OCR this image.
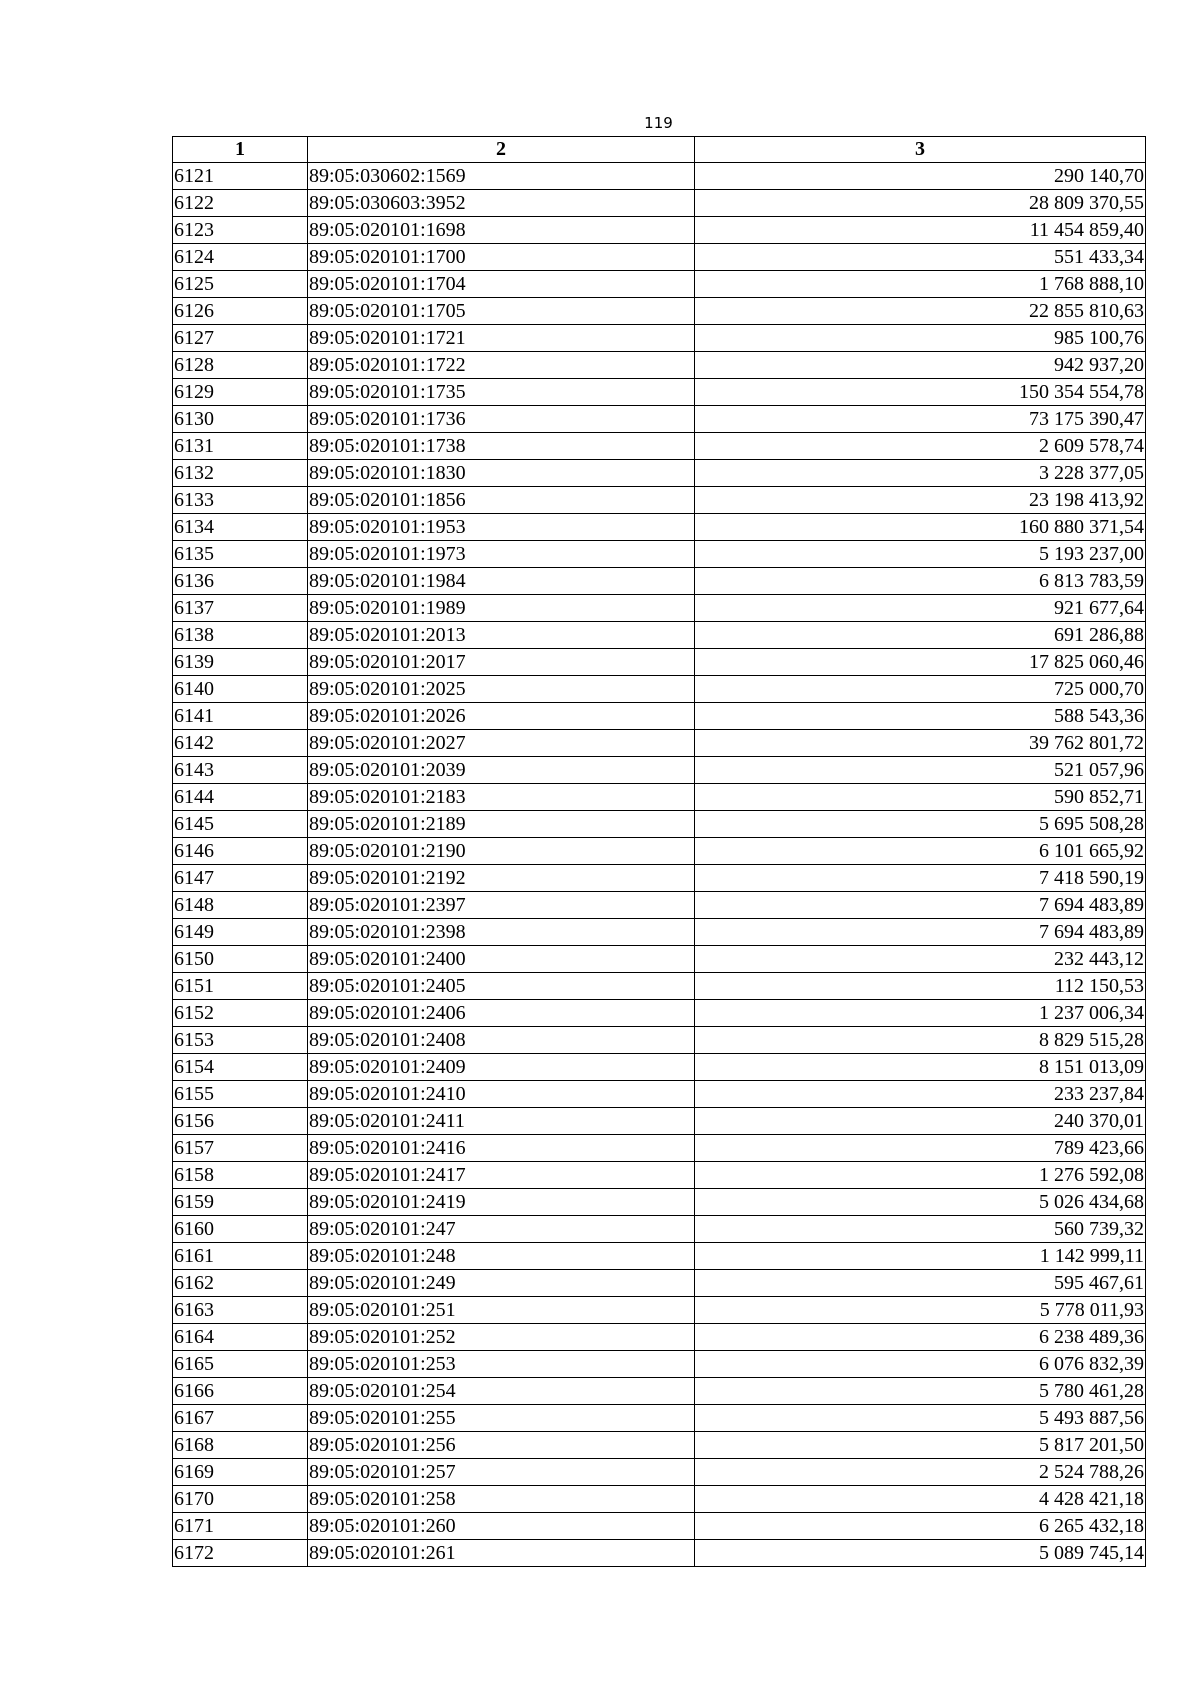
119
1	2	3
6121	89:05:030602:1569	290 140,70
6122	89:05:030603:3952	28 809 370,55
6123	89:05:020101:1698	11 454 859,40
6124	89:05:020101:1700	551 433,34
6125	89:05:020101:1704	1 768 888,10
6126	89:05:020101:1705	22 855 810,63
6127	89:05:020101:1721	985 100,76
6128	89:05:020101:1722	942 937,20
6129	89:05:020101:1735	150 354 554,78
6130	89:05:020101:1736	73 175 390,47
6131	89:05:020101:1738	2 609 578,74
6132	89:05:020101:1830	3 228 377,05
6133	89:05:020101:1856	23 198 413,92
6134	89:05:020101:1953	160 880 371,54
6135	89:05:020101:1973	5 193 237,00
6136	89:05:020101:1984	6 813 783,59
6137	89:05:020101:1989	921 677,64
6138	89:05:020101:2013	691 286,88
6139	89:05:020101:2017	17 825 060,46
6140	89:05:020101:2025	725 000,70
6141	89:05:020101:2026	588 543,36
6142	89:05:020101:2027	39 762 801,72
6143	89:05:020101:2039	521 057,96
6144	89:05:020101:2183	590 852,71
6145	89:05:020101:2189	5 695 508,28
6146	89:05:020101:2190	6 101 665,92
6147	89:05:020101:2192	7 418 590,19
6148	89:05:020101:2397	7 694 483,89
6149	89:05:020101:2398	7 694 483,89
6150	89:05:020101:2400	232 443,12
6151	89:05:020101:2405	112 150,53
6152	89:05:020101:2406	1 237 006,34
6153	89:05:020101:2408	8 829 515,28
6154	89:05:020101:2409	8 151 013,09
6155	89:05:020101:2410	233 237,84
6156	89:05:020101:2411	240 370,01
6157	89:05:020101:2416	789 423,66
6158	89:05:020101:2417	1 276 592,08
6159	89:05:020101:2419	5 026 434,68
6160	89:05:020101:247	560 739,32
6161	89:05:020101:248	1 142 999,11
6162	89:05:020101:249	595 467,61
6163	89:05:020101:251	5 778 011,93
6164	89:05:020101:252	6 238 489,36
6165	89:05:020101:253	6 076 832,39
6166	89:05:020101:254	5 780 461,28
6167	89:05:020101:255	5 493 887,56
6168	89:05:020101:256	5 817 201,50
6169	89:05:020101:257	2 524 788,26
6170	89:05:020101:258	4 428 421,18
6171	89:05:020101:260	6 265 432,18
6172	89:05:020101:261	5 089 745,14
